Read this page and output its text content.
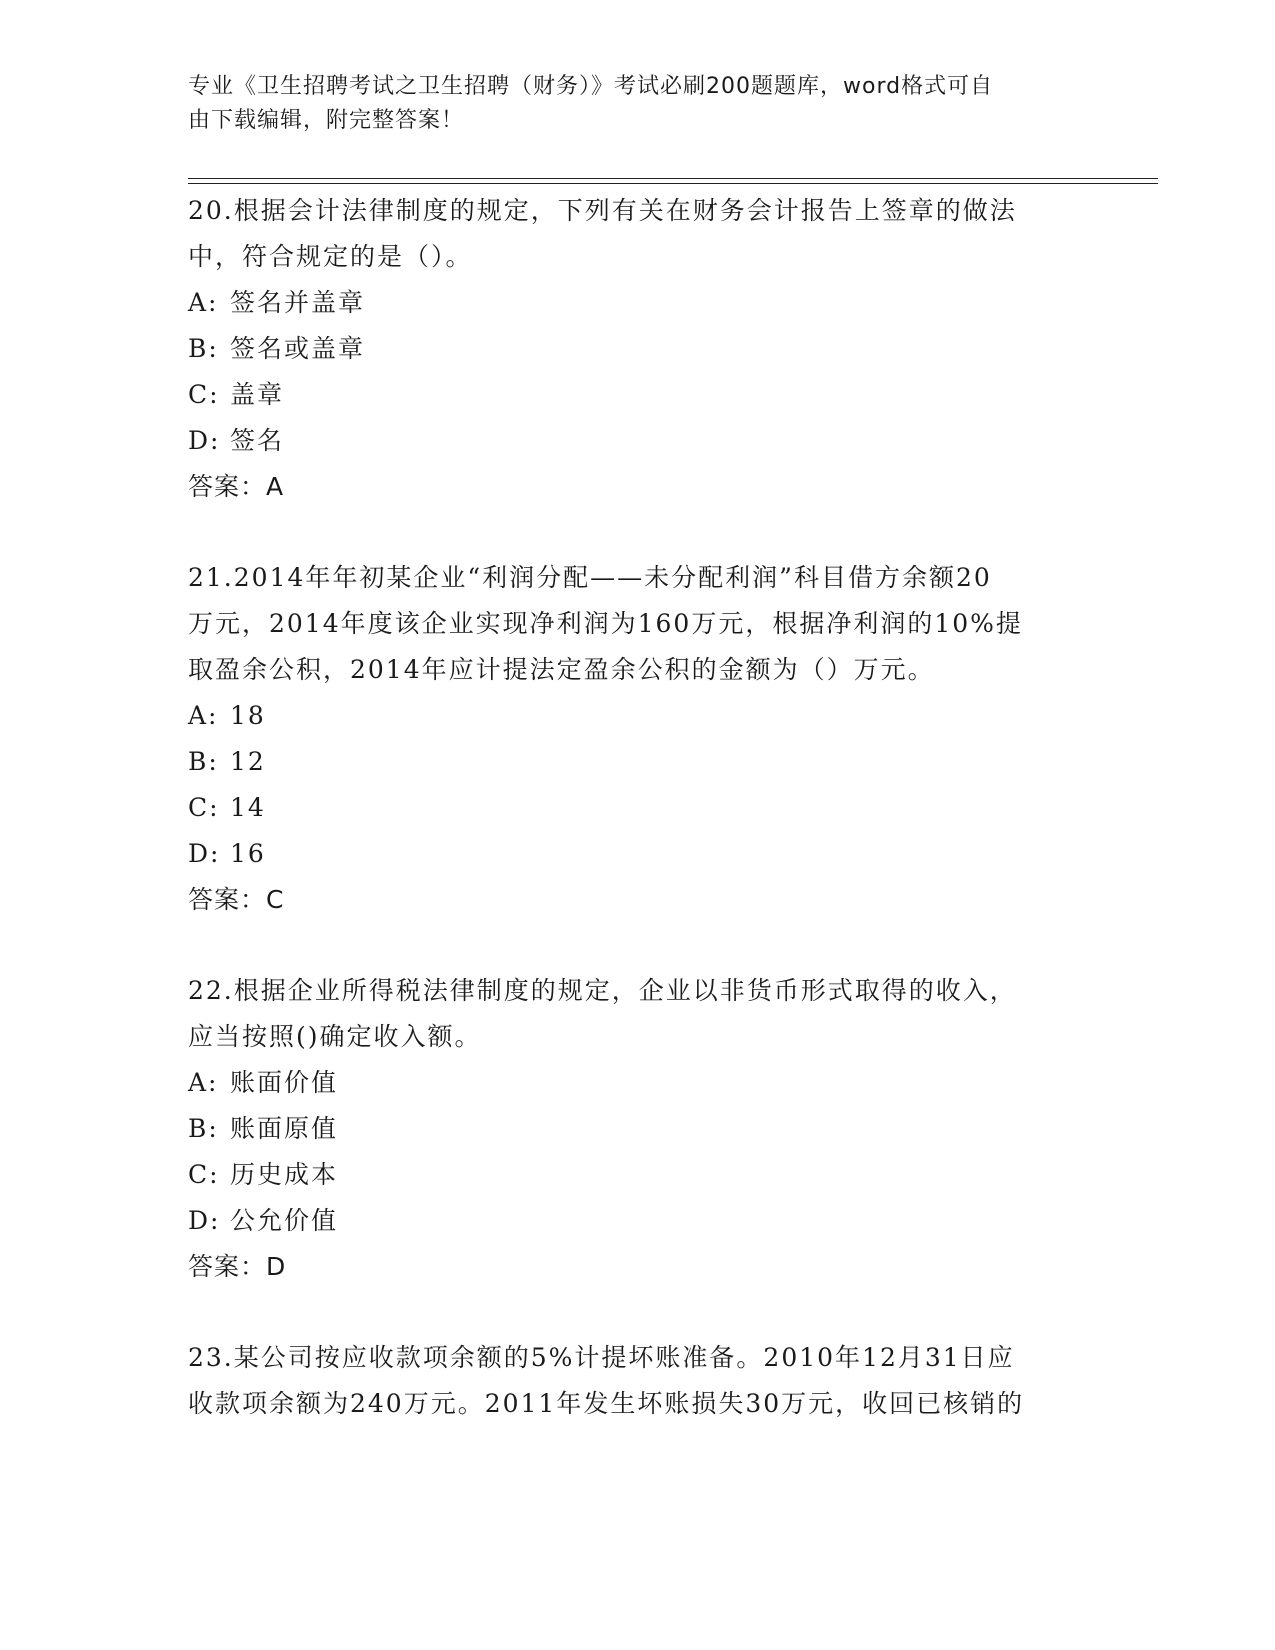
专业《卫生招聘考试之卫生招聘（财务）》考试必刷200题题库，word格式可自
由下载编辑，附完整答案！
20.根据会计法律制度的规定，下列有关在财务会计报告上签章的做法
中，符合规定的是（）。
A: 签名并盖章
B: 签名或盖章
C: 盖章
D: 签名
答案：A
21.2014年年初某企业“利润分配——未分配利润”科目借方余额20
万元，2014年度该企业实现净利润为160万元，根据净利润的10%提
取盈余公积，2014年应计提法定盈余公积的金额为（）万元。
A: 18
B: 12
C: 14
D: 16
答案：C
22.根据企业所得税法律制度的规定，企业以非货币形式取得的收入，
应当按照()确定收入额。
A: 账面价值
B: 账面原值
C: 历史成本
D: 公允价值
答案：D
23.某公司按应收款项余额的5%计提坏账准备。2010年12月31日应
收款项余额为240万元。2011年发生坏账损失30万元，收回已核销的
